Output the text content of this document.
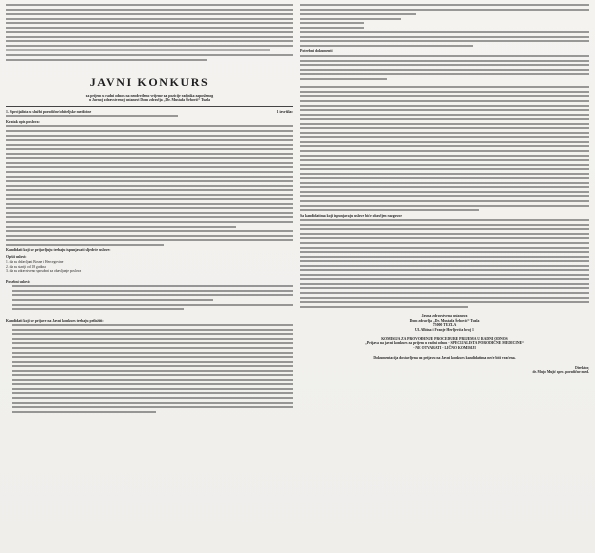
JAVNI KONKURS
za prijem u radni odnos na neodređeno vrijeme za pozicije radnika zaposlenog
u Javnoj zdravstvenoj ustanovi Dom zdravlja „Dr. Mustafa Šehović“ Tuzla
1. Specijalista u službi porodične/obiteljske medicine	1 izvršilac
Kratak opis poslova:
Kandidati koji se prijavljuju trebaju ispunjavati sljedeće uslove:
Opšti uslovi:
1. da su državljani Bosne i Hercegovine
2. da su stariji od 18 godina
3. da su zdravstveno sposobni za obavljanje poslova
Posebni uslovi:
Kandidati koji se prijave na Javni konkurs trebaju priložiti:
Potrebni dokumenti
Sa kandidatima koji ispunjavaju uslove biće obavljen razgovor
Javna zdravstvena ustanova
Dom zdravlja „Dr. Mustafa Šehović“ Tuzla
75000 TUZLA
Ul. Albina i Franje Herljevića broj 1
KOMISIJA ZA PROVOĐENJE PROCEDURE PRIJEMA U RADNI ODNOS
„Prijava na javni konkurs za prijem u radni odnos - SPECIJALISTA PORODIČNE MEDICINE“
- NE OTVARATI - LIČNO KOMISIJI
Dokumentacija dostavljena uz prijavu na Javni konkurs kandidatima neće biti vraćena.
Direktor,
dr. Mujo Mujić spec. porodične med.
